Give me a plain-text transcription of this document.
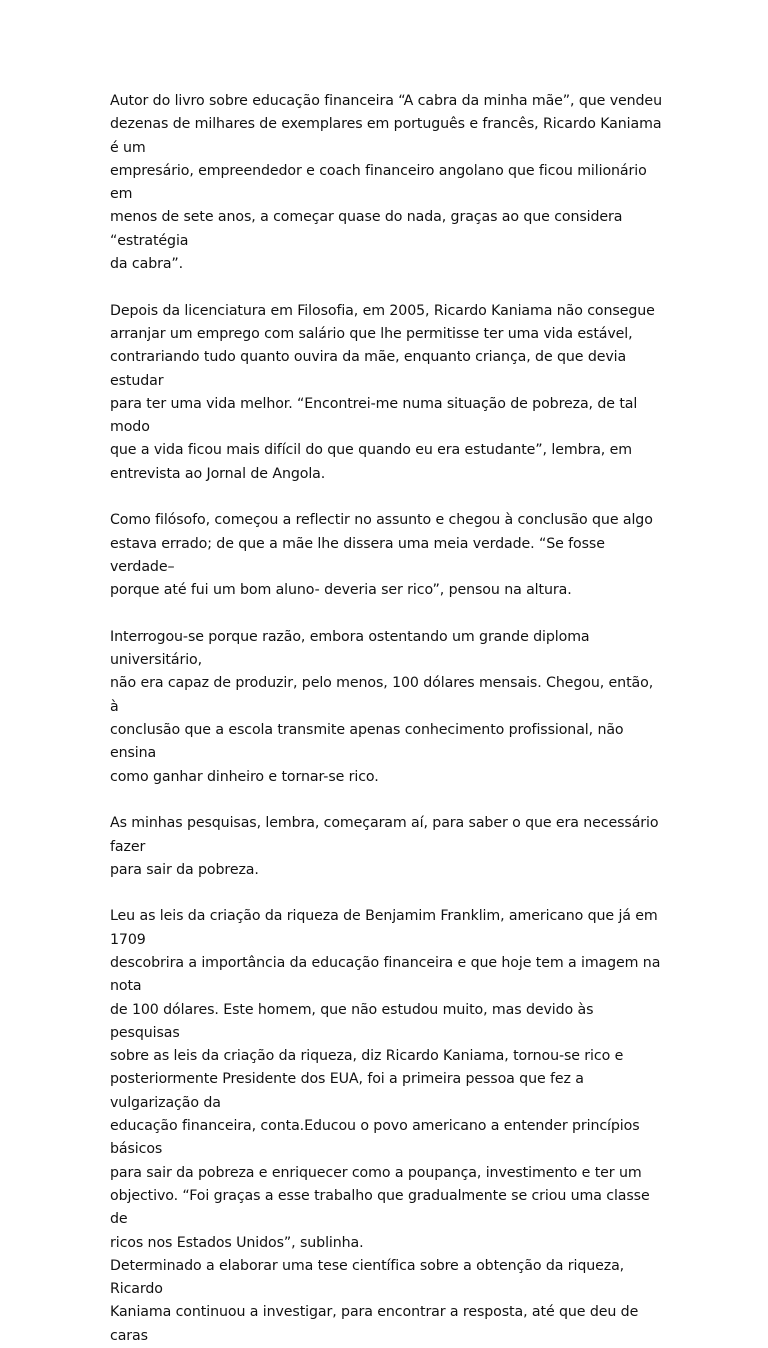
Autor do livro sobre educação financeira “A cabra da minha mãe”, que vendeu
dezenas de milhares de exemplares em português e francês, Ricardo Kaniama é um
empresário, empreendedor e coach financeiro angolano que ficou milionário em
menos de sete anos, a começar quase do nada, graças ao que considera “estratégia
da cabra”.

Depois da licenciatura em Filosofia, em 2005, Ricardo Kaniama não consegue
arranjar um emprego com salário que lhe permitisse ter uma vida estável,
contrariando tudo quanto ouvira da mãe, enquanto criança, de que devia estudar
para ter uma vida melhor. “Encontrei-me numa situação de pobreza, de tal modo
que a vida ficou mais difícil do que quando eu era estudante”, lembra, em
entrevista ao Jornal de Angola.

Como filósofo, começou a reflectir no assunto e chegou à conclusão que algo
estava errado; de que a mãe lhe dissera uma meia verdade. “Se fosse verdade–
porque até fui um bom aluno- deveria ser rico”, pensou na altura.

Interrogou-se porque razão, embora ostentando um grande diploma universitário,
não era capaz de produzir, pelo menos, 100 dólares mensais. Chegou, então, à
conclusão que a escola transmite apenas conhecimento profissional, não ensina
como ganhar dinheiro e tornar-se rico.

As minhas pesquisas, lembra, começaram aí, para saber o que era necessário fazer
para sair da pobreza.

Leu as leis da criação da riqueza de Benjamim Franklim, americano que já em 1709
descobrira a importância da educação financeira e que hoje tem a imagem na nota
de 100 dólares. Este homem, que não estudou muito, mas devido às pesquisas
sobre as leis da criação da riqueza, diz Ricardo Kaniama, tornou-se rico e
posteriormente Presidente dos EUA, foi a primeira pessoa que fez a vulgarização da
educação financeira, conta.Educou o povo americano a entender princípios básicos
para sair da pobreza e enriquecer como a poupança, investimento e ter um
objectivo. “Foi graças a esse trabalho que gradualmente se criou uma classe de
ricos nos Estados Unidos”, sublinha.

Determinado a elaborar uma tese científica sobre a obtenção da riqueza, Ricardo
Kaniama continuou a investigar, para encontrar a resposta, até que deu de caras
